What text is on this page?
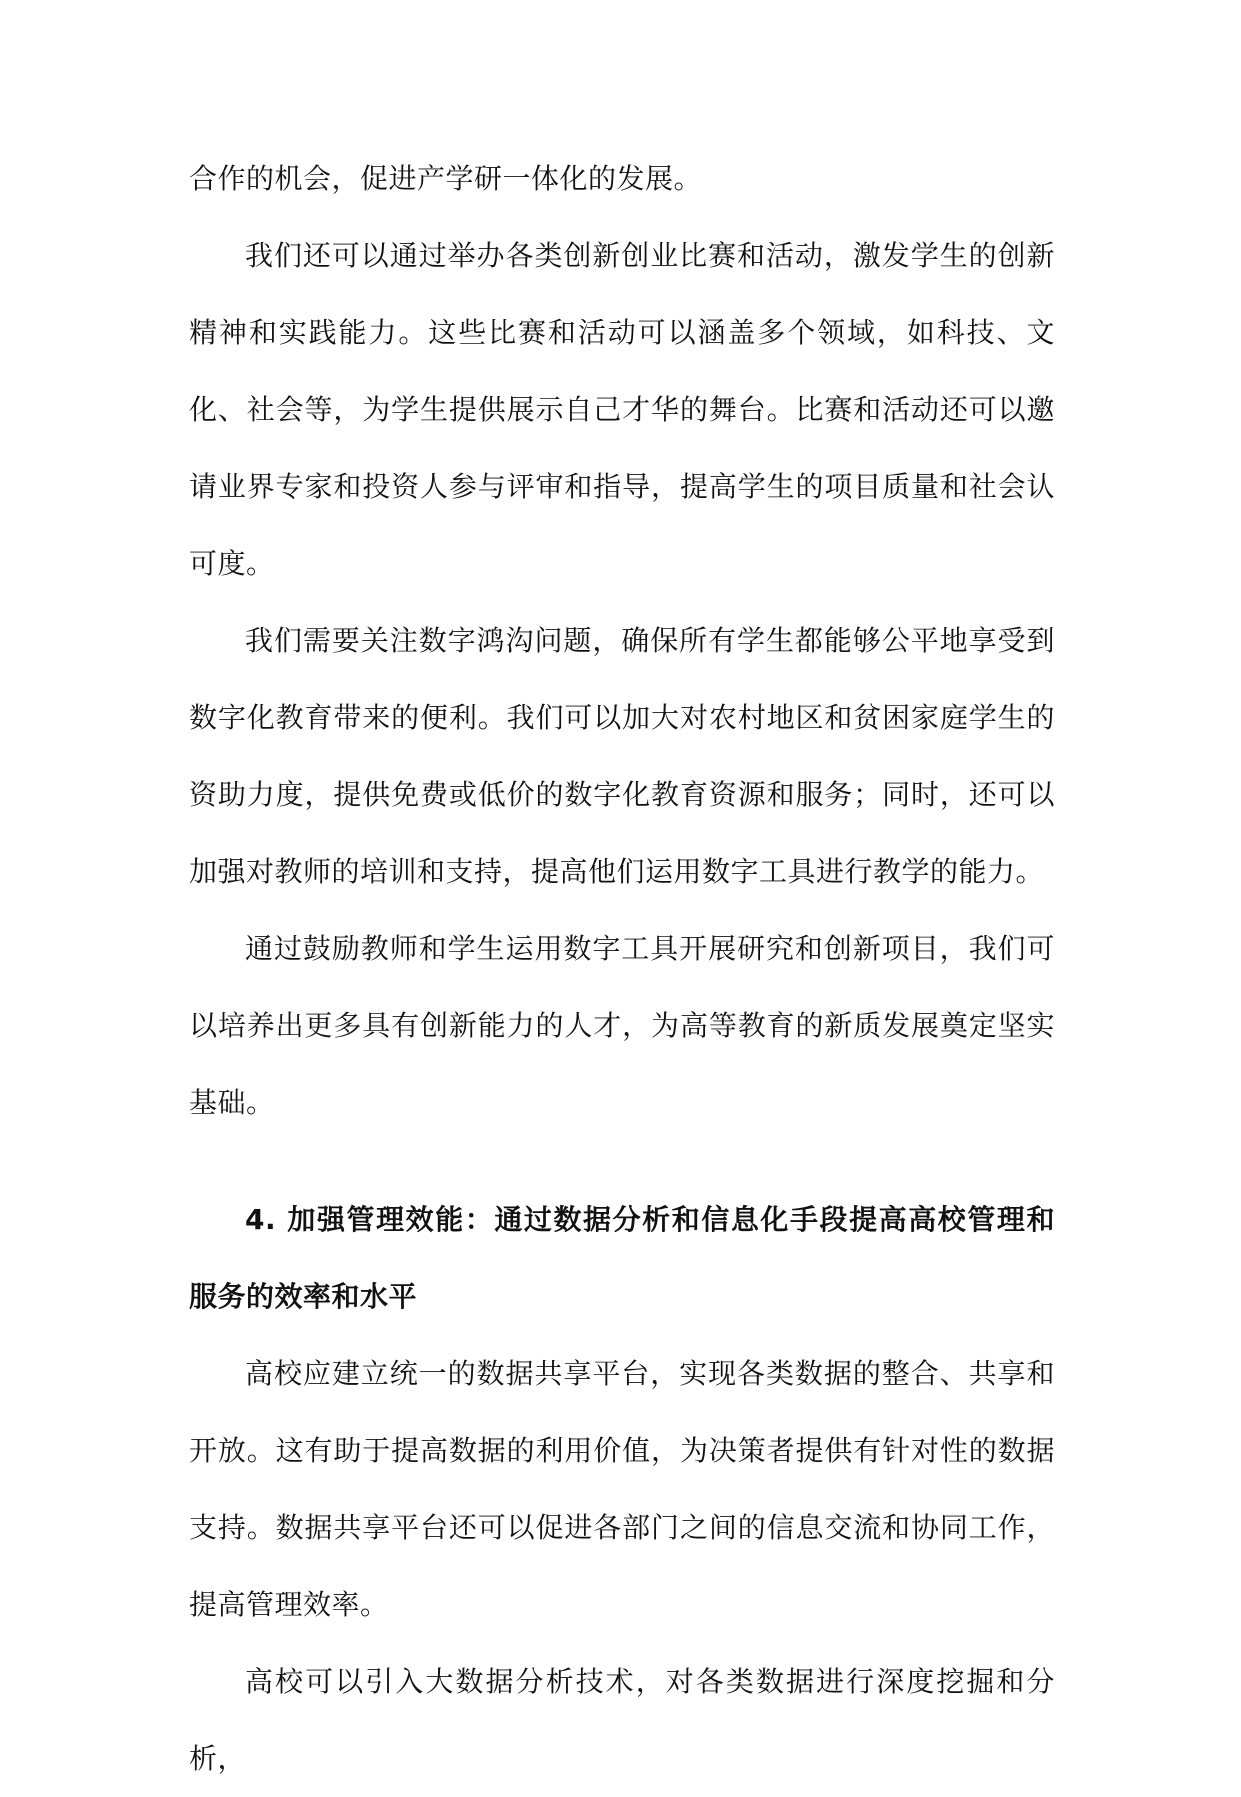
合作的机会，促进产学研一体化的发展。

我们还可以通过举办各类创新创业比赛和活动，激发学生的创新精神和实践能力。这些比赛和活动可以涵盖多个领域，如科技、文化、社会等，为学生提供展示自己才华的舞台。比赛和活动还可以邀请业界专家和投资人参与评审和指导，提高学生的项目质量和社会认可度。

我们需要关注数字鸿沟问题，确保所有学生都能够公平地享受到数字化教育带来的便利。我们可以加大对农村地区和贫困家庭学生的资助力度，提供免费或低价的数字化教育资源和服务；同时，还可以加强对教师的培训和支持，提高他们运用数字工具进行教学的能力。

通过鼓励教师和学生运用数字工具开展研究和创新项目，我们可以培养出更多具有创新能力的人才，为高等教育的新质发展奠定坚实基础。

4. 加强管理效能：通过数据分析和信息化手段提高高校管理和服务的效率和水平

高校应建立统一的数据共享平台，实现各类数据的整合、共享和开放。这有助于提高数据的利用价值，为决策者提供有针对性的数据支持。数据共享平台还可以促进各部门之间的信息交流和协同工作，提高管理效率。

高校可以引入大数据分析技术，对各类数据进行深度挖掘和分析，
